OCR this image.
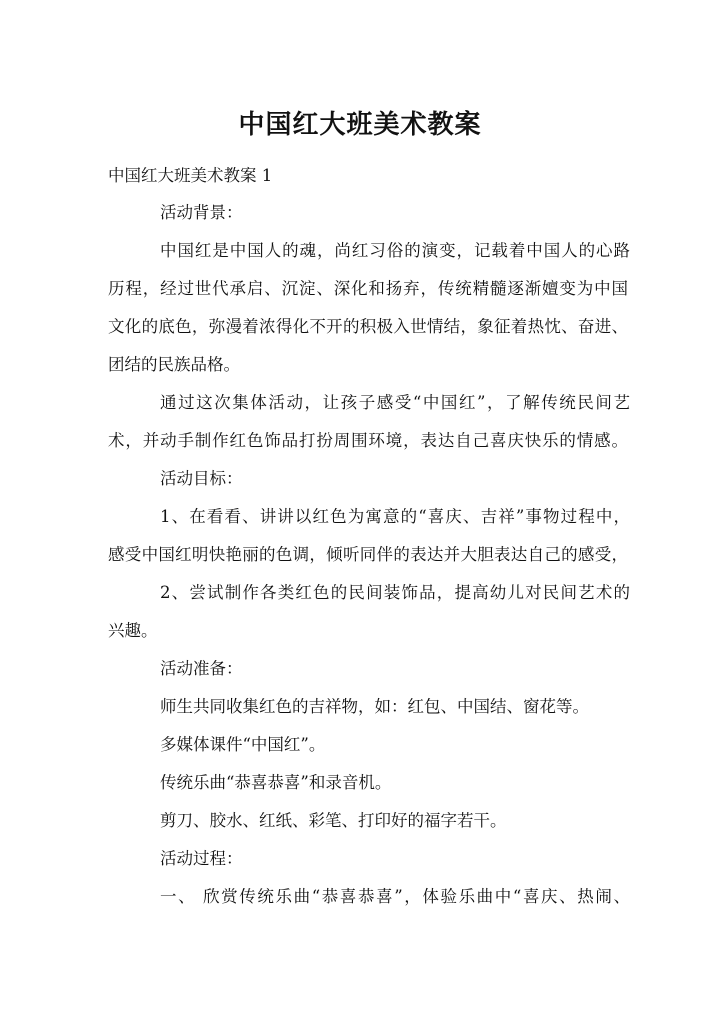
中国红大班美术教案
中国红大班美术教案 1
活动背景：
中国红是中国人的魂，尚红习俗的演变，记载着中国人的心路
历程，经过世代承启、沉淀、深化和扬弃，传统精髓逐渐嬗变为中国
文化的底色，弥漫着浓得化不开的积极入世情结，象征着热忱、奋进、
团结的民族品格。
通过这次集体活动，让孩子感受“中国红”，了解传统民间艺
术，并动手制作红色饰品打扮周围环境，表达自己喜庆快乐的情感。
活动目标：
1、在看看、讲讲以红色为寓意的“喜庆、吉祥”事物过程中，
感受中国红明快艳丽的色调，倾听同伴的表达并大胆表达自己的感受，
2、尝试制作各类红色的民间装饰品，提高幼儿对民间艺术的
兴趣。
活动准备：
师生共同收集红色的吉祥物，如：红包、中国结、窗花等。
多媒体课件“中国红”。
传统乐曲“恭喜恭喜”和录音机。
剪刀、胶水、红纸、彩笔、打印好的福字若干。
活动过程：
一、 欣赏传统乐曲“恭喜恭喜”，体验乐曲中“喜庆、热闹、
